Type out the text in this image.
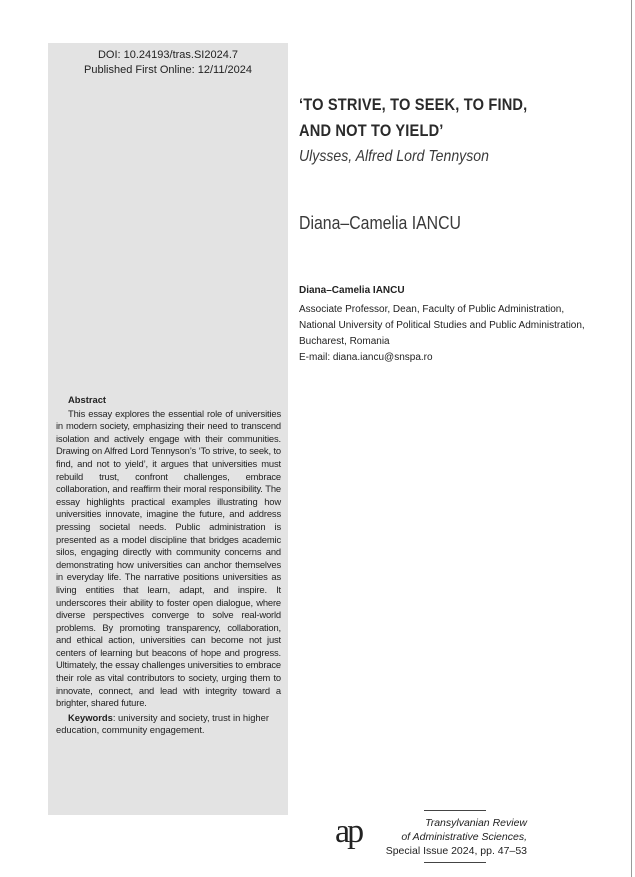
DOI: 10.24193/tras.SI2024.7
Published First Online: 12/11/2024
‘TO STRIVE, TO SEEK, TO FIND,
AND NOT TO YIELD’
Ulysses, Alfred Lord Tennyson
Diana–Camelia IANCU
Diana–Camelia IANCU
Associate Professor, Dean, Faculty of Public Administration,
National University of Political Studies and Public Administration,
Bucharest, Romania
E-mail: diana.iancu@snspa.ro
Abstract
This essay explores the essential role of universities in modern society, emphasizing their need to transcend isolation and actively engage with their communities. Drawing on Alfred Lord Tennyson’s ‘To strive, to seek, to find, and not to yield’, it argues that universities must rebuild trust, confront challenges, embrace collaboration, and reaffirm their moral responsibility. The essay highlights practical examples illustrating how universities innovate, imagine the future, and address pressing societal needs. Public administration is presented as a model discipline that bridges academic silos, engaging directly with community concerns and demonstrating how universities can anchor themselves in everyday life. The narrative positions universities as living entities that learn, adapt, and inspire. It underscores their ability to foster open dialogue, where diverse perspectives converge to solve real-world problems. By promoting transparency, collaboration, and ethical action, universities can become not just centers of learning but beacons of hope and progress. Ultimately, the essay challenges universities to embrace their role as vital contributors to society, urging them to innovate, connect, and lead with integrity toward a brighter, shared future.
Keywords: university and society, trust in higher education, community engagement.
ap	Transylvanian Review
of Administrative Sciences,
Special Issue 2024, pp. 47–53
